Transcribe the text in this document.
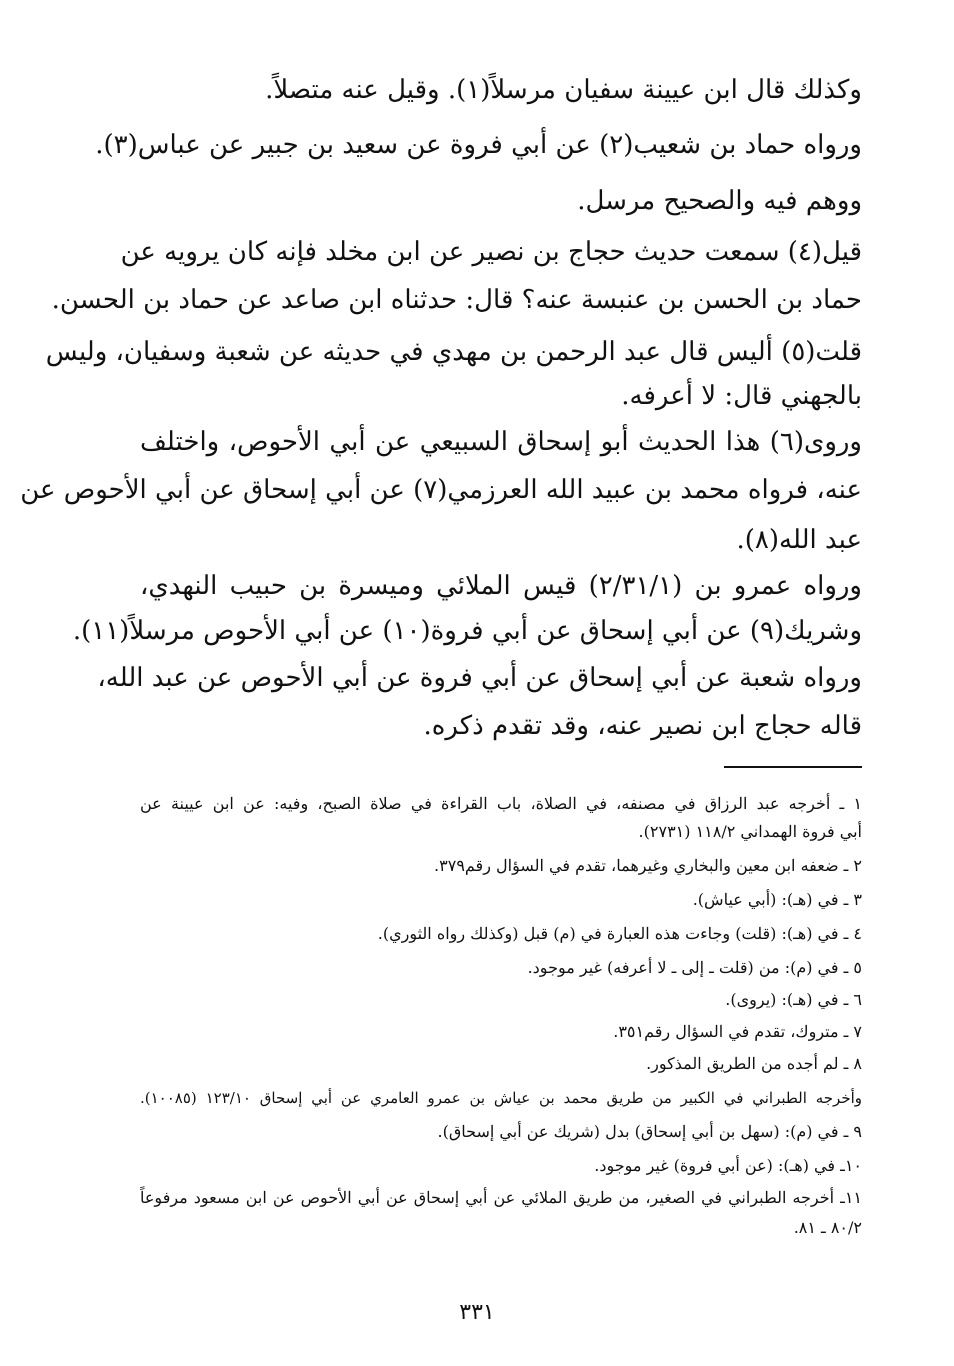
وكذلك قال ابن عيينة سفيان مرسلاً(١). وقيل عنه متصلاً.
ورواه حماد بن شعيب(٢) عن أبي فروة عن سعيد بن جبير عن عباس(٣).
ووهم فيه والصحيح مرسل.
قيل(٤) سمعت حديث حجاج بن نصير عن ابن مخلد فإنه كان يرويه عن
حماد بن الحسن بن عنبسة عنه؟ قال: حدثناه ابن صاعد عن حماد بن الحسن.
قلت(٥) أليس قال عبد الرحمن بن مهدي في حديثه عن شعبة وسفيان، وليس
بالجهني قال: لا أعرفه.
وروى(٦) هذا الحديث أبو إسحاق السبيعي عن أبي الأحوص، واختلف
عنه، فرواه محمد بن عبيد الله العرزمي(٧) عن أبي إسحاق عن أبي الأحوص عن
عبد الله(٨).
ورواه عمرو بن (٢/٣١/١) قيس الملائي وميسرة بن حبيب النهدي،
وشريك(٩) عن أبي إسحاق عن أبي فروة(١٠) عن أبي الأحوص مرسلاً(١١).
ورواه شعبة عن أبي إسحاق عن أبي فروة عن أبي الأحوص عن عبد الله،
قاله حجاج ابن نصير عنه، وقد تقدم ذكره.
١ ـ أخرجه عبد الرزاق في مصنفه، في الصلاة، باب القراءة في صلاة الصبح، وفيه: عن ابن عيينة عن
أبي فروة الهمداني ١١٨/٢ (٢٧٣١).
٢ ـ ضعفه ابن معين والبخاري وغيرهما، تقدم في السؤال رقم٣٧٩.
٣ ـ في (هـ): (أبي عياش).
٤ ـ في (هـ): (قلت) وجاءت هذه العبارة في (م) قبل (وكذلك رواه الثوري).
٥ ـ في (م): من (قلت ـ إلى ـ لا أعرفه) غير موجود.
٦ ـ في (هـ): (يروى).
٧ ـ متروك، تقدم في السؤال رقم٣٥١.
٨ ـ لم أجده من الطريق المذكور.
وأخرجه الطبراني في الكبير من طريق محمد بن عياش بن عمرو العامري عن أبي إسحاق ١٢٣/١٠ (١٠٠٨٥).
٩ ـ في (م): (سهل بن أبي إسحاق) بدل (شريك عن أبي إسحاق).
١٠ـ في (هـ): (عن أبي فروة) غير موجود.
١١ـ أخرجه الطبراني في الصغير، من طريق الملائي عن أبي إسحاق عن أبي الأحوص عن ابن مسعود مرفوعاً
٨٠/٢ ـ ٨١.
٣٣١
